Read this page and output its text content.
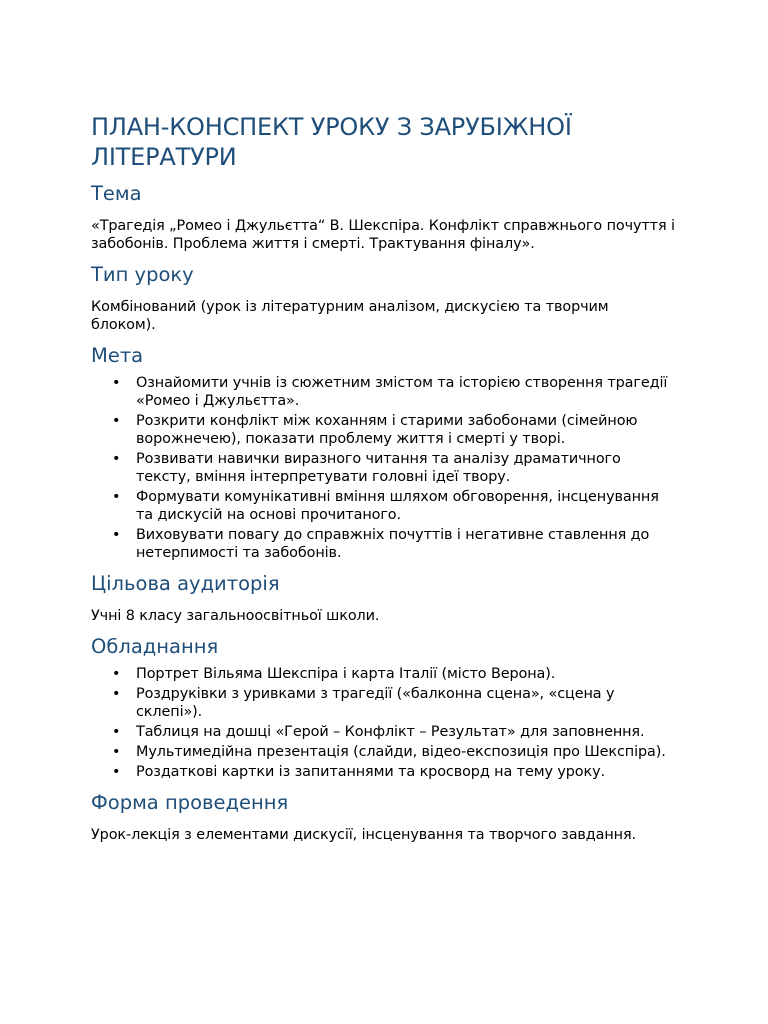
ПЛАН-КОНСПЕКТ УРОКУ З ЗАРУБІЖНОЇ ЛІТЕРАТУРИ
Тема

«Трагедія „Ромео і Джульєтта“ В. Шекспіра. Конфлікт справжнього почуття і забобонів. Проблема життя і смерті. Трактування фіналу».

Тип уроку

Комбінований (урок із літературним аналізом, дискусією та творчим блоком).

Мета
• Ознайомити учнів із сюжетним змістом та історією створення трагедії «Ромео і Джульєтта».
• Розкрити конфлікт між коханням і старими забобонами (сімейною ворожнечею), показати проблему життя і смерті у творі.
• Розвивати навички виразного читання та аналізу драматичного тексту, вміння інтерпретувати головні ідеї твору.
• Формувати комунікативні вміння шляхом обговорення, інсценування та дискусій на основі прочитаного.
• Виховувати повагу до справжніх почуттів і негативне ставлення до нетерпимості та забобонів.
Цільова аудиторія

Учні 8 класу загальноосвітньої школи.

Обладнання
• Портрет Вільяма Шекспіра і карта Італії (місто Верона).
• Роздруківки з уривками з трагедії («балконна сцена», «сцена у склепі»).
• Таблиця на дошці «Герой – Конфлікт – Результат» для заповнення.
• Мультимедійна презентація (слайди, відео-експозиція про Шекспіра).
• Роздаткові картки із запитаннями та кросворд на тему уроку.
Форма проведення

Урок-лекція з елементами дискусії, інсценування та творчого завдання.
